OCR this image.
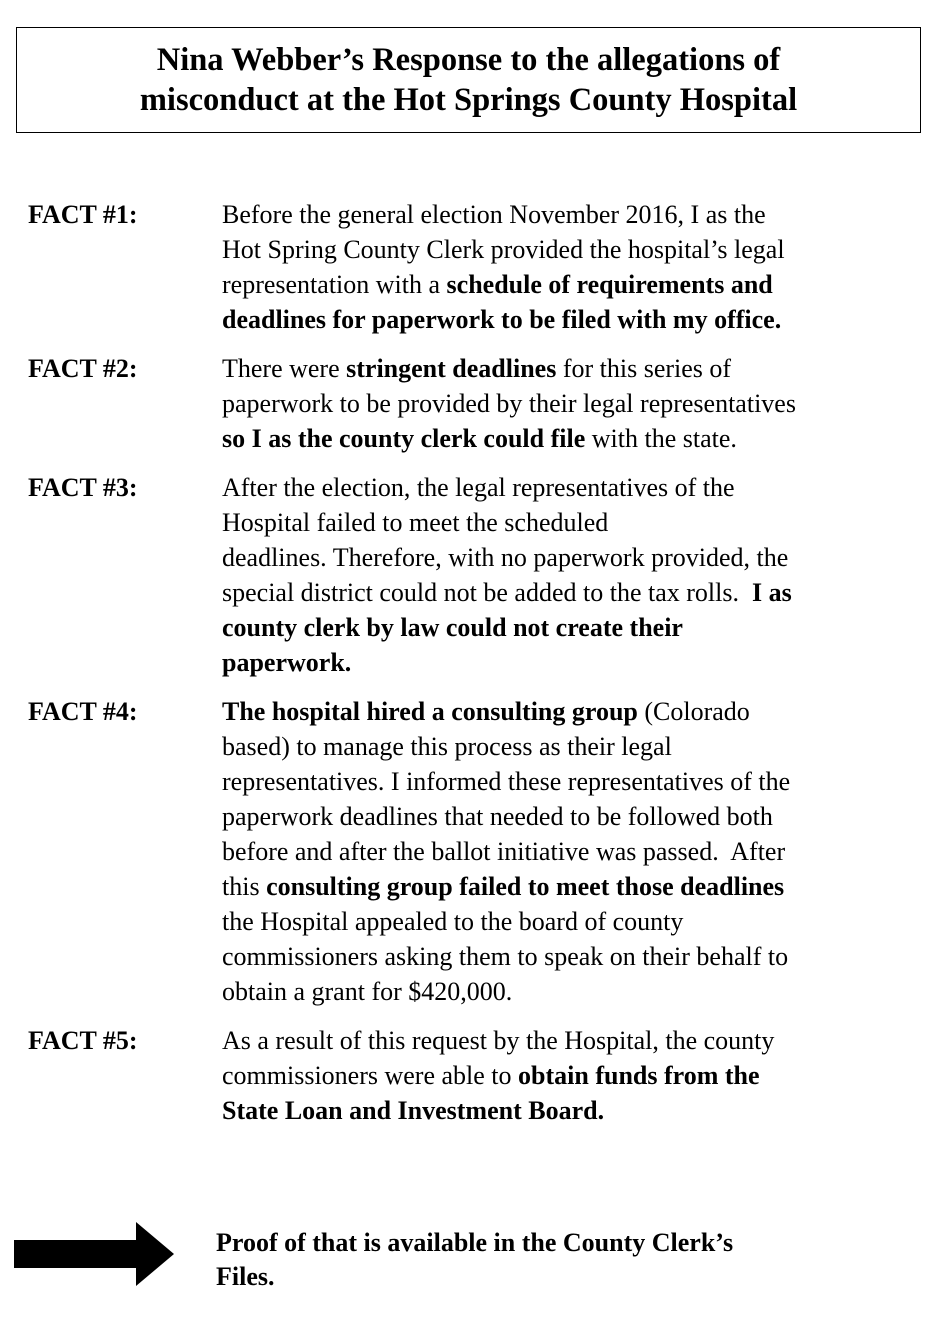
Nina Webber’s Response to the allegations of
misconduct at the Hot Springs County Hospital
FACT #1:	Before the general election November 2016, I as the
Hot Spring County Clerk provided the hospital’s legal
representation with a schedule of requirements and
deadlines for paperwork to be filed with my office.
FACT #2:	There were stringent deadlines for this series of
paperwork to be provided by their legal representatives
so I as the county clerk could file with the state.
FACT #3:	After the election, the legal representatives of the
Hospital failed to meet the scheduled
deadlines. Therefore, with no paperwork provided, the
special district could not be added to the tax rolls.  I as
county clerk by law could not create their
paperwork.
FACT #4:	The hospital hired a consulting group (Colorado
based) to manage this process as their legal
representatives. I informed these representatives of the
paperwork deadlines that needed to be followed both
before and after the ballot initiative was passed.  After
this consulting group failed to meet those deadlines
the Hospital appealed to the board of county
commissioners asking them to speak on their behalf to
obtain a grant for $420,000.
FACT #5:	As a result of this request by the Hospital, the county
commissioners were able to obtain funds from the
State Loan and Investment Board.
Proof of that is available in the County Clerk’s
Files.
